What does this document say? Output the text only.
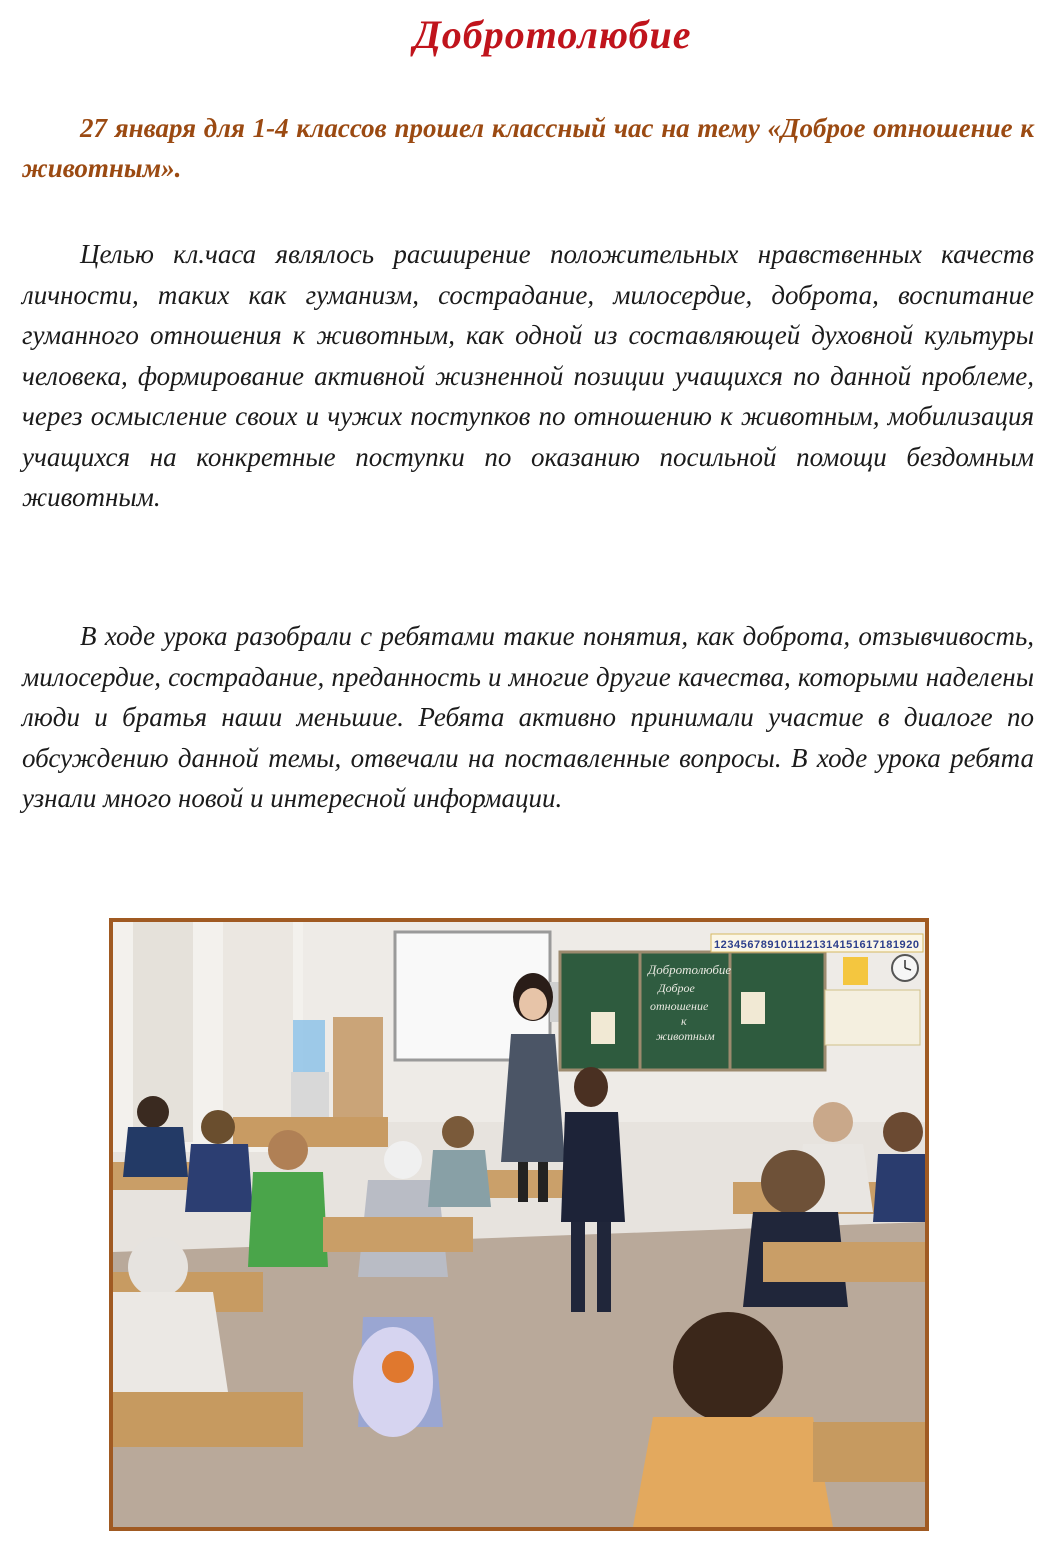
Добротолюбие

27 января для 1-4 классов прошел классный час на тему «Доброе отношение к животным».

Целью кл.часа являлось расширение положительных нравственных качеств личности, таких как гуманизм, сострадание, милосердие, доброта, воспитание гуманного отношения к животным, как одной из составляющей духовной культуры человека, формирование активной жизненной позиции учащихся по данной проблеме, через осмысление своих и чужих поступков по отношению к животным, мобилизация учащихся на конкретные поступки по оказанию посильной помощи бездомным животным.

В ходе урока разобрали с ребятами такие понятия, как доброта, отзывчивость, милосердие, сострадание, преданность и многие другие качества, которыми наделены люди и братья наши меньшие. Ребята активно принимали участие в диалоге по обсуждению данной темы, отвечали на поставленные вопросы. В ходе урока ребята узнали много новой и интересной информации.

Добротолюбие
Доброе
отношение
к
животным
1234567891011121314151617181920
